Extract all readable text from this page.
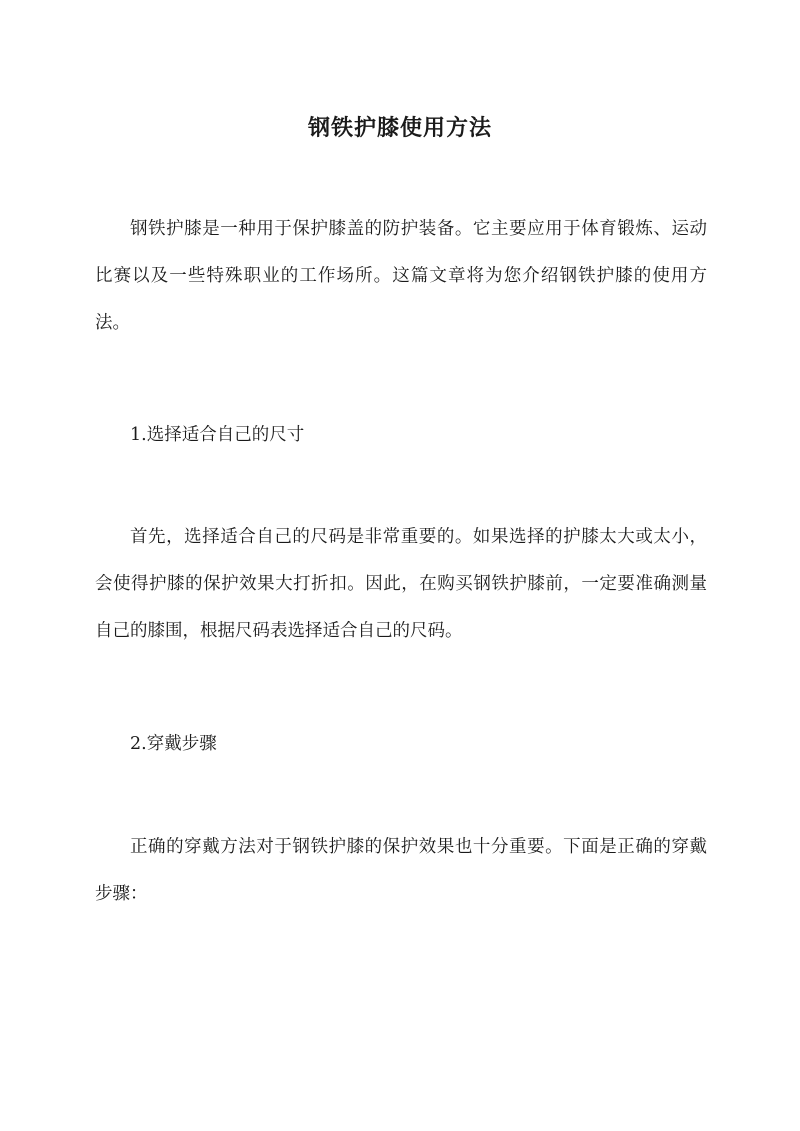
钢铁护膝使用方法

钢铁护膝是一种用于保护膝盖的防护装备。它主要应用于体育锻炼、运动比赛以及一些特殊职业的工作场所。这篇文章将为您介绍钢铁护膝的使用方法。

1.选择适合自己的尺寸

首先，选择适合自己的尺码是非常重要的。如果选择的护膝太大或太小，会使得护膝的保护效果大打折扣。因此，在购买钢铁护膝前，一定要准确测量自己的膝围，根据尺码表选择适合自己的尺码。

2.穿戴步骤

正确的穿戴方法对于钢铁护膝的保护效果也十分重要。下面是正确的穿戴步骤：
